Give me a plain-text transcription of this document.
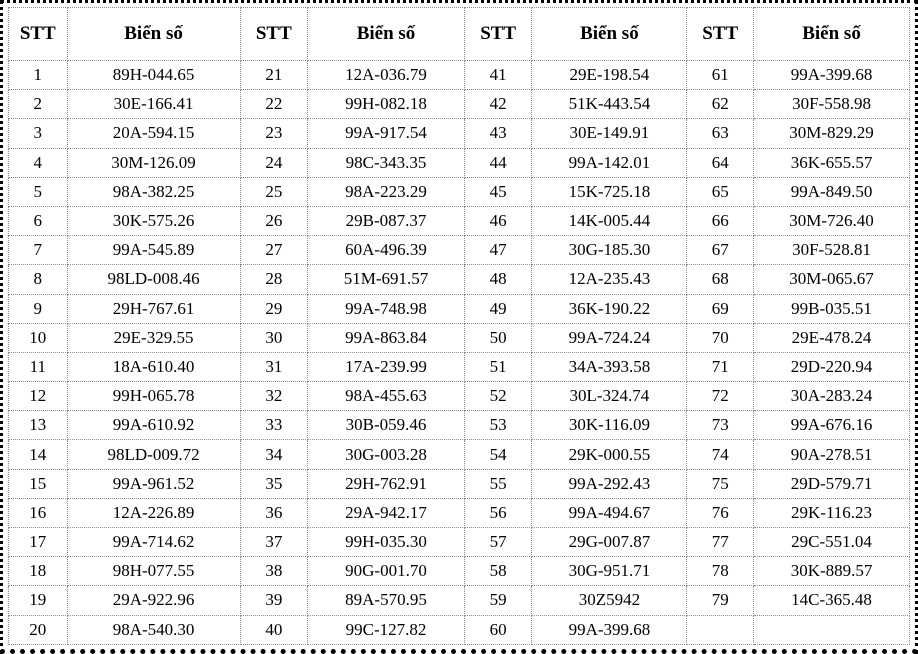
STT	Biển số	STT	Biển số	STT	Biển số	STT	Biển số
1	89H-044.65	21	12A-036.79	41	29E-198.54	61	99A-399.68
2	30E-166.41	22	99H-082.18	42	51K-443.54	62	30F-558.98
3	20A-594.15	23	99A-917.54	43	30E-149.91	63	30M-829.29
4	30M-126.09	24	98C-343.35	44	99A-142.01	64	36K-655.57
5	98A-382.25	25	98A-223.29	45	15K-725.18	65	99A-849.50
6	30K-575.26	26	29B-087.37	46	14K-005.44	66	30M-726.40
7	99A-545.89	27	60A-496.39	47	30G-185.30	67	30F-528.81
8	98LD-008.46	28	51M-691.57	48	12A-235.43	68	30M-065.67
9	29H-767.61	29	99A-748.98	49	36K-190.22	69	99B-035.51
10	29E-329.55	30	99A-863.84	50	99A-724.24	70	29E-478.24
11	18A-610.40	31	17A-239.99	51	34A-393.58	71	29D-220.94
12	99H-065.78	32	98A-455.63	52	30L-324.74	72	30A-283.24
13	99A-610.92	33	30B-059.46	53	30K-116.09	73	99A-676.16
14	98LD-009.72	34	30G-003.28	54	29K-000.55	74	90A-278.51
15	99A-961.52	35	29H-762.91	55	99A-292.43	75	29D-579.71
16	12A-226.89	36	29A-942.17	56	99A-494.67	76	29K-116.23
17	99A-714.62	37	99H-035.30	57	29G-007.87	77	29C-551.04
18	98H-077.55	38	90G-001.70	58	30G-951.71	78	30K-889.57
19	29A-922.96	39	89A-570.95	59	30Z5942	79	14C-365.48
20	98A-540.30	40	99C-127.82	60	99A-399.68		
